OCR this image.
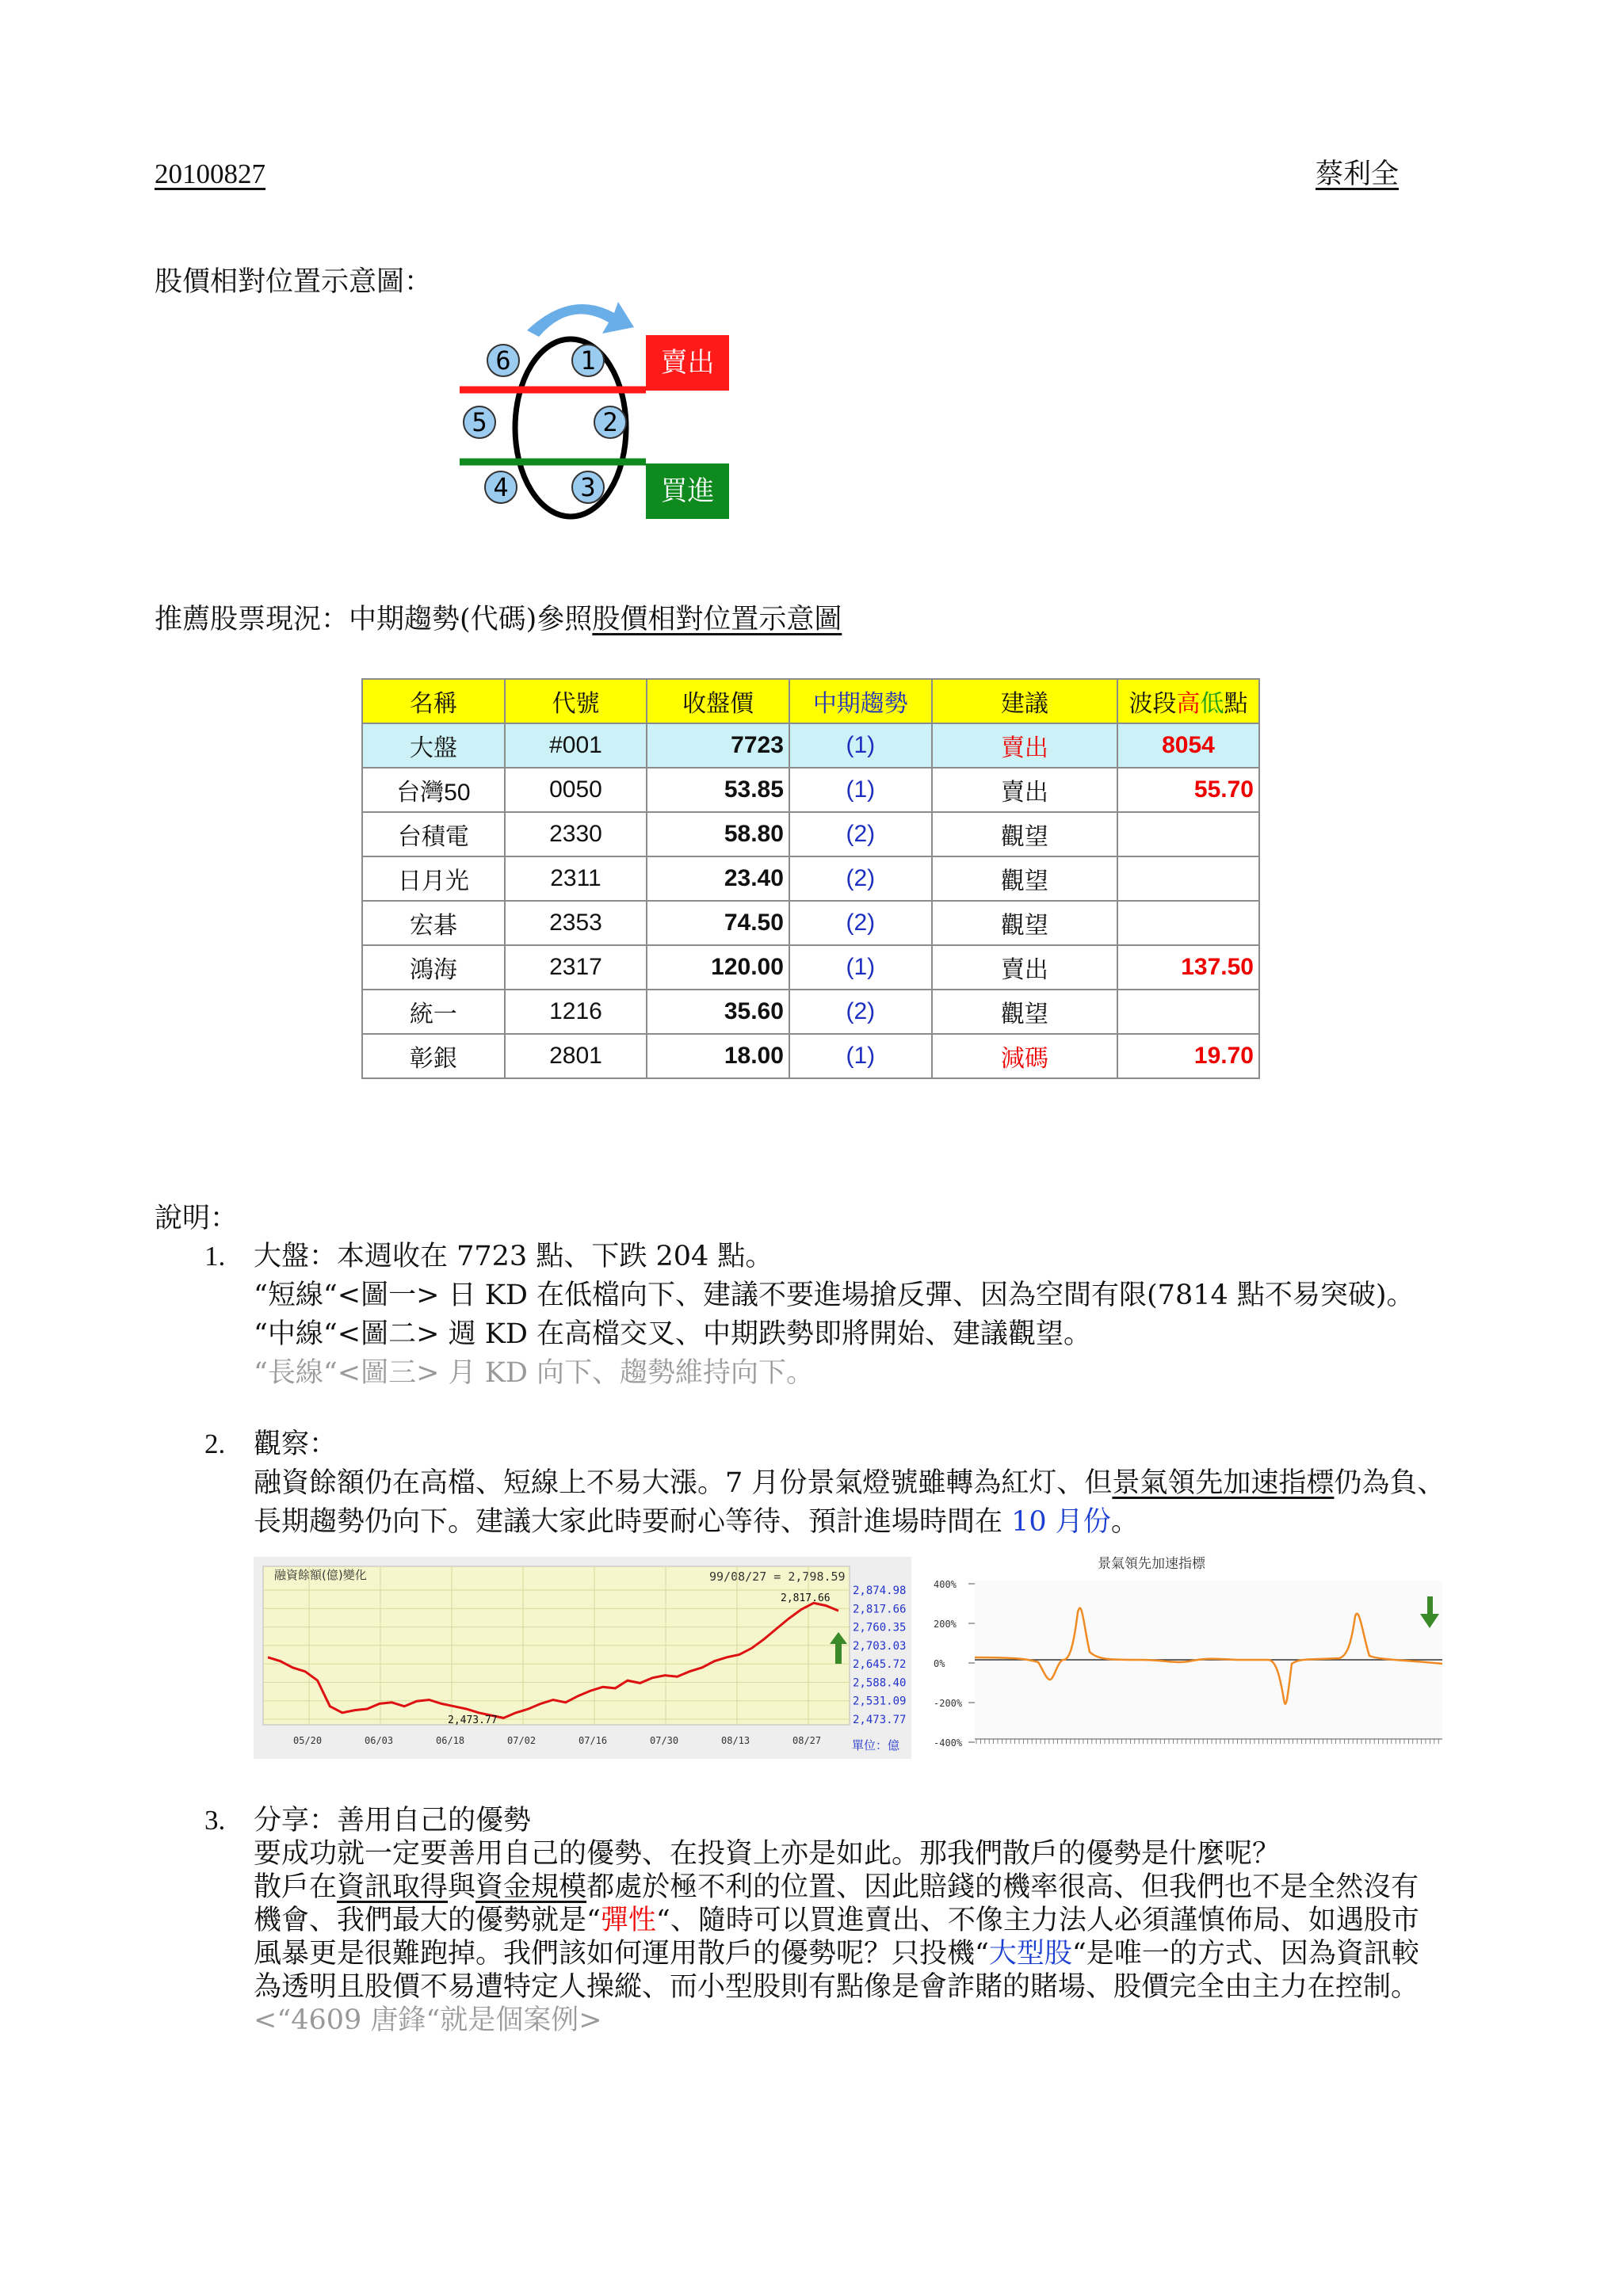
20100827	蔡利全
股價相對位置示意圖：
6	1
5	2
4	3
賣出
買進
推薦股票現況：中期趨勢(代碼)參照股價相對位置示意圖
名稱	代號	收盤價	中期趨勢	建議	波段高低點
大盤	#001	7723	(1)	賣出	8054
台灣50	0050	53.85	(1)	賣出	55.70
台積電	2330	58.80	(2)	觀望	
日月光	2311	23.40	(2)	觀望	
宏碁	2353	74.50	(2)	觀望	
鴻海	2317	120.00	(1)	賣出	137.50
統一	1216	35.60	(2)	觀望	
彰銀	2801	18.00	(1)	減碼	19.70
說明：
1. 大盤：本週收在 7723 點、下跌 204 點。
“短線“<圖一> 日 KD 在低檔向下、建議不要進場搶反彈、因為空間有限(7814 點不易突破)。
“中線“<圖二> 週 KD 在高檔交叉、中期跌勢即將開始、建議觀望。
“長線“<圖三> 月 KD 向下、趨勢維持向下。
2. 觀察：
融資餘額仍在高檔、短線上不易大漲。7 月份景氣燈號雖轉為紅灯、但景氣領先加速指標仍為負、
長期趨勢仍向下。建議大家此時要耐心等待、預計進場時間在 10 月份。
融資餘額(億)變化	99/08/27 = 2,798.59
2,817.66
2,473.77
2,874.98
2,817.66
2,760.35
2,703.03
2,645.72
2,588.40
2,531.09
2,473.77
05/20	06/03	06/18	07/02	07/16	07/30	08/13	08/27	單位：億
景氣領先加速指標
400%
200%
0%
-200%
-400%
3. 分享：善用自己的優勢
要成功就一定要善用自己的優勢、在投資上亦是如此。那我們散戶的優勢是什麼呢？
散戶在資訊取得與資金規模都處於極不利的位置、因此賠錢的機率很高、但我們也不是全然沒有
機會、我們最大的優勢就是“彈性“、隨時可以買進賣出、不像主力法人必須謹慎佈局、如遇股市
風暴更是很難跑掉。我們該如何運用散戶的優勢呢？只投機“大型股“是唯一的方式、因為資訊較
為透明且股價不易遭特定人操縱、而小型股則有點像是會詐賭的賭場、股價完全由主力在控制。
<“4609 唐鋒“就是個案例>
